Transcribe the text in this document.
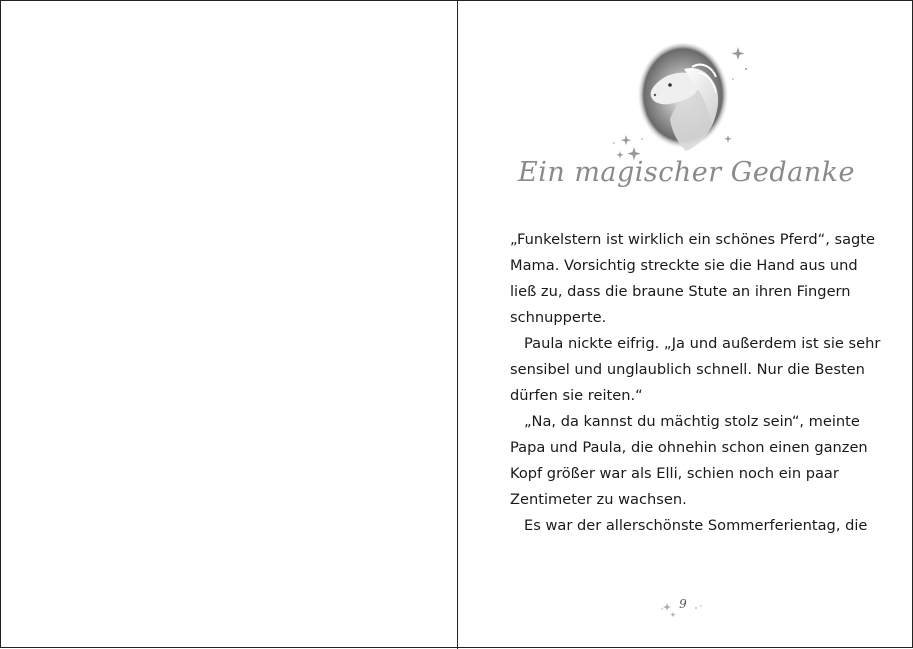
Ein magischer Gedanke

„Funkelstern ist wirklich ein schönes Pferd“, sagte
Mama. Vorsichtig streckte sie die Hand aus und
ließ zu, dass die braune Stute an ihren Fingern
schnupperte.

Paula nickte eifrig. „Ja und außerdem ist sie sehr
sensibel und unglaublich schnell. Nur die Besten
dürfen sie reiten.“

„Na, da kannst du mächtig stolz sein“, meinte
Papa und Paula, die ohnehin schon einen ganzen
Kopf größer war als Elli, schien noch ein paar
Zentimeter zu wachsen.

Es war der allerschönste Sommerferientag, die

9
